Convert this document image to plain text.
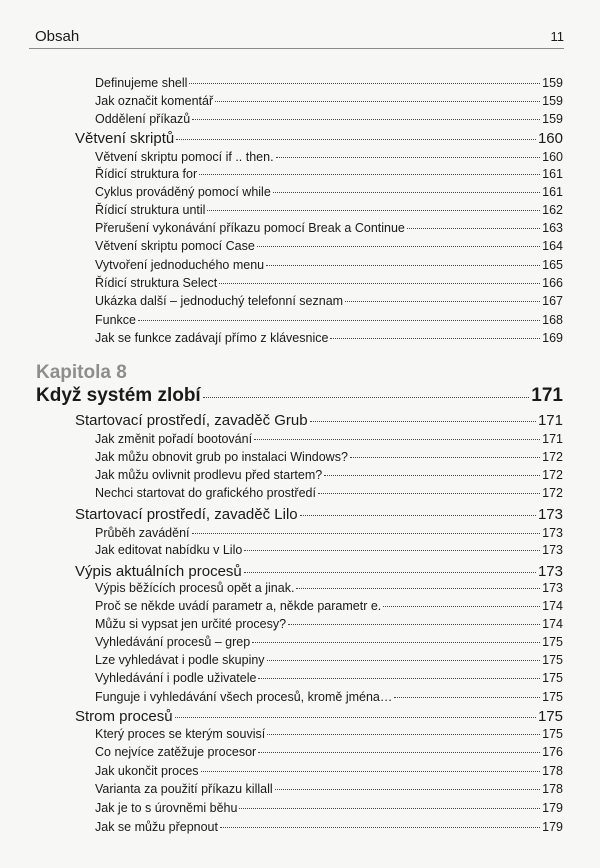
Obsah	11
Kapitola 8
Definujeme shell	159
Jak označit komentář	159
Oddělení příkazů	159
Větvení skriptů	160
Větvení skriptu pomocí if .. then.	160
Řídicí struktura for	161
Cyklus prováděný pomocí while	161
Řídicí struktura until	162
Přerušení vykonávání příkazu pomocí Break a Continue	163
Větvení skriptu pomocí Case	164
Vytvoření jednoduchého menu	165
Řídicí struktura Select	166
Ukázka další – jednoduchý telefonní seznam	167
Funkce	168
Jak se funkce zadávají přímo z klávesnice	169
Když systém zlobí	171
Startovací prostředí, zavaděč Grub	171
Jak změnit pořadí bootování	171
Jak můžu obnovit grub po instalaci Windows?	172
Jak můžu ovlivnit prodlevu před startem?	172
Nechci startovat do grafického prostředí	172
Startovací prostředí, zavaděč Lilo	173
Průběh zavádění	173
Jak editovat nabídku v Lilo	173
Výpis aktuálních procesů	173
Výpis běžících procesů opět a jinak.	173
Proč se někde uvádí parametr a, někde parametr e.	174
Můžu si vypsat jen určité procesy?	174
Vyhledávání procesů – grep	175
Lze vyhledávat i podle skupiny	175
Vyhledávání i podle uživatele	175
Funguje i vyhledávání všech procesů, kromě jména…	175
Strom procesů	175
Který proces se kterým souvisí	175
Co nejvíce zatěžuje procesor	176
Jak ukončit proces	178
Varianta za použití příkazu killall	178
Jak je to s úrovněmi běhu	179
Jak se můžu přepnout	179
